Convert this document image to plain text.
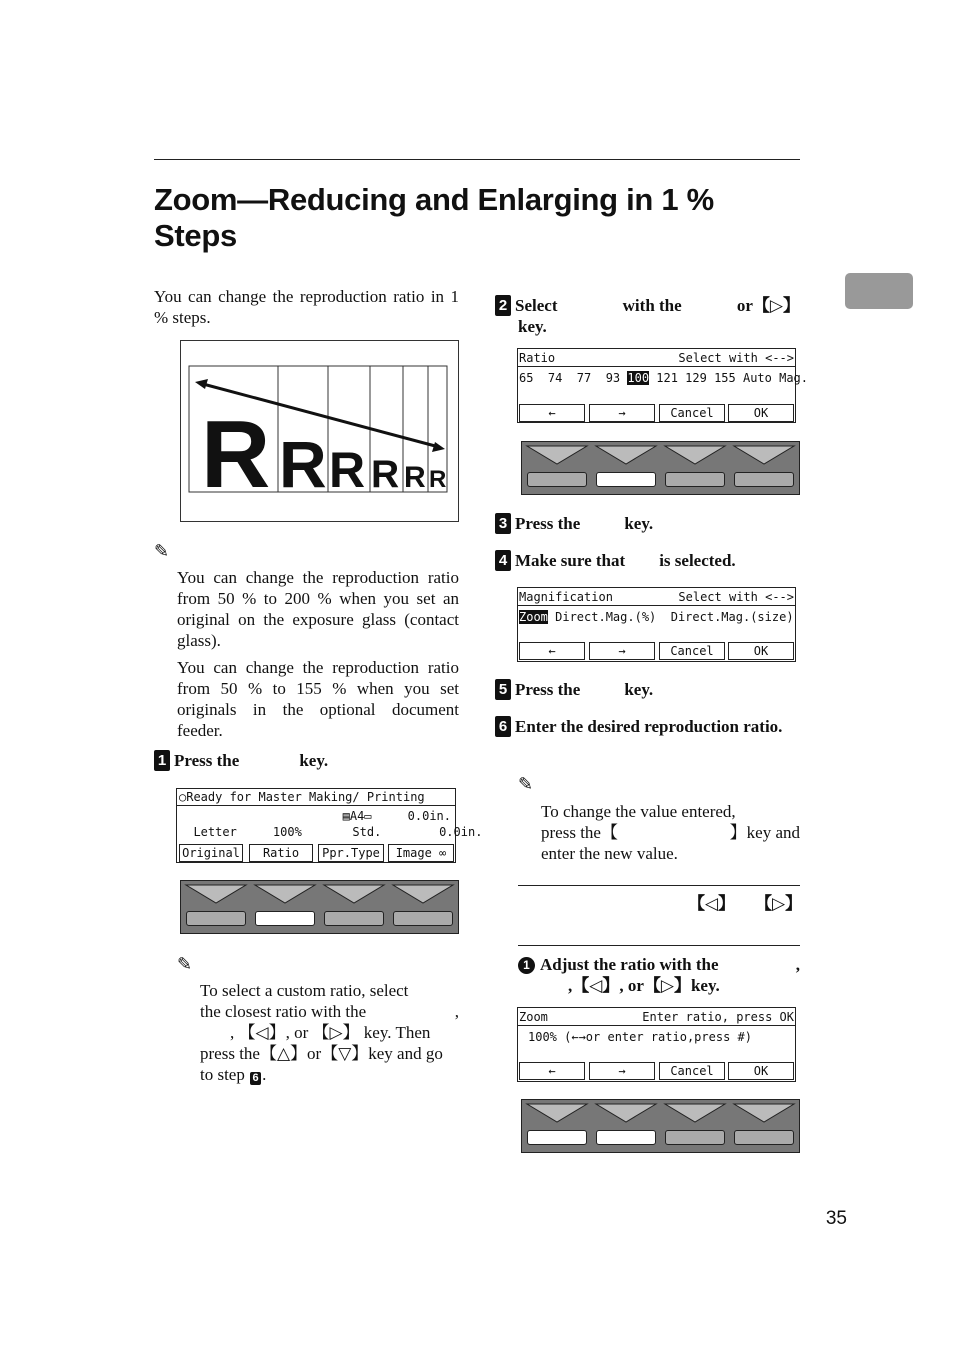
Zoom—Reducing and Enlarging in 1 % Steps
You can change the reproduction ratio in 1 % steps.
R R R R R R
✎
You can change the reproduction ratio from 50 % to 200 % when you set an original on the exposure glass (contact glass).
You can change the reproduction ratio from 50 % to 155 % when you set originals in the optional document feeder.
1 Press the	key.
○Ready for Master Making/ Printing
▤A4▭     0.0in.
Letter     100%       Std.        0.0in.
Original	Ratio	Ppr.Type	Image ∞
✎
To select a custom ratio, select
the closest ratio with the	,
, 【◁】, or 【▷】 key. Then
press the【△】or【▽】key and go
to step 6 .
2 Select	with the	or【▷】
key.
Ratio	Select with <-->
65  74  77  93 100 121 129 155 Auto Mag.
←	→	Cancel	OK
3 Press the	key.
4 Make sure that is selected.
Magnification	Select with <-->
Zoom Direct.Mag.(%)  Direct.Mag.(size)
←	→	Cancel	OK
5 Press the	key.
6 Enter the desired reproduction ratio.
✎
To change the value entered,
press the【	】key and
enter the new value.
【◁】 【▷】
1 Adjust the ratio with the	,
,【◁】, or【▷】key.
Zoom	Enter ratio, press OK
100% (←→or enter ratio,press #)
←	→	Cancel	OK
35
